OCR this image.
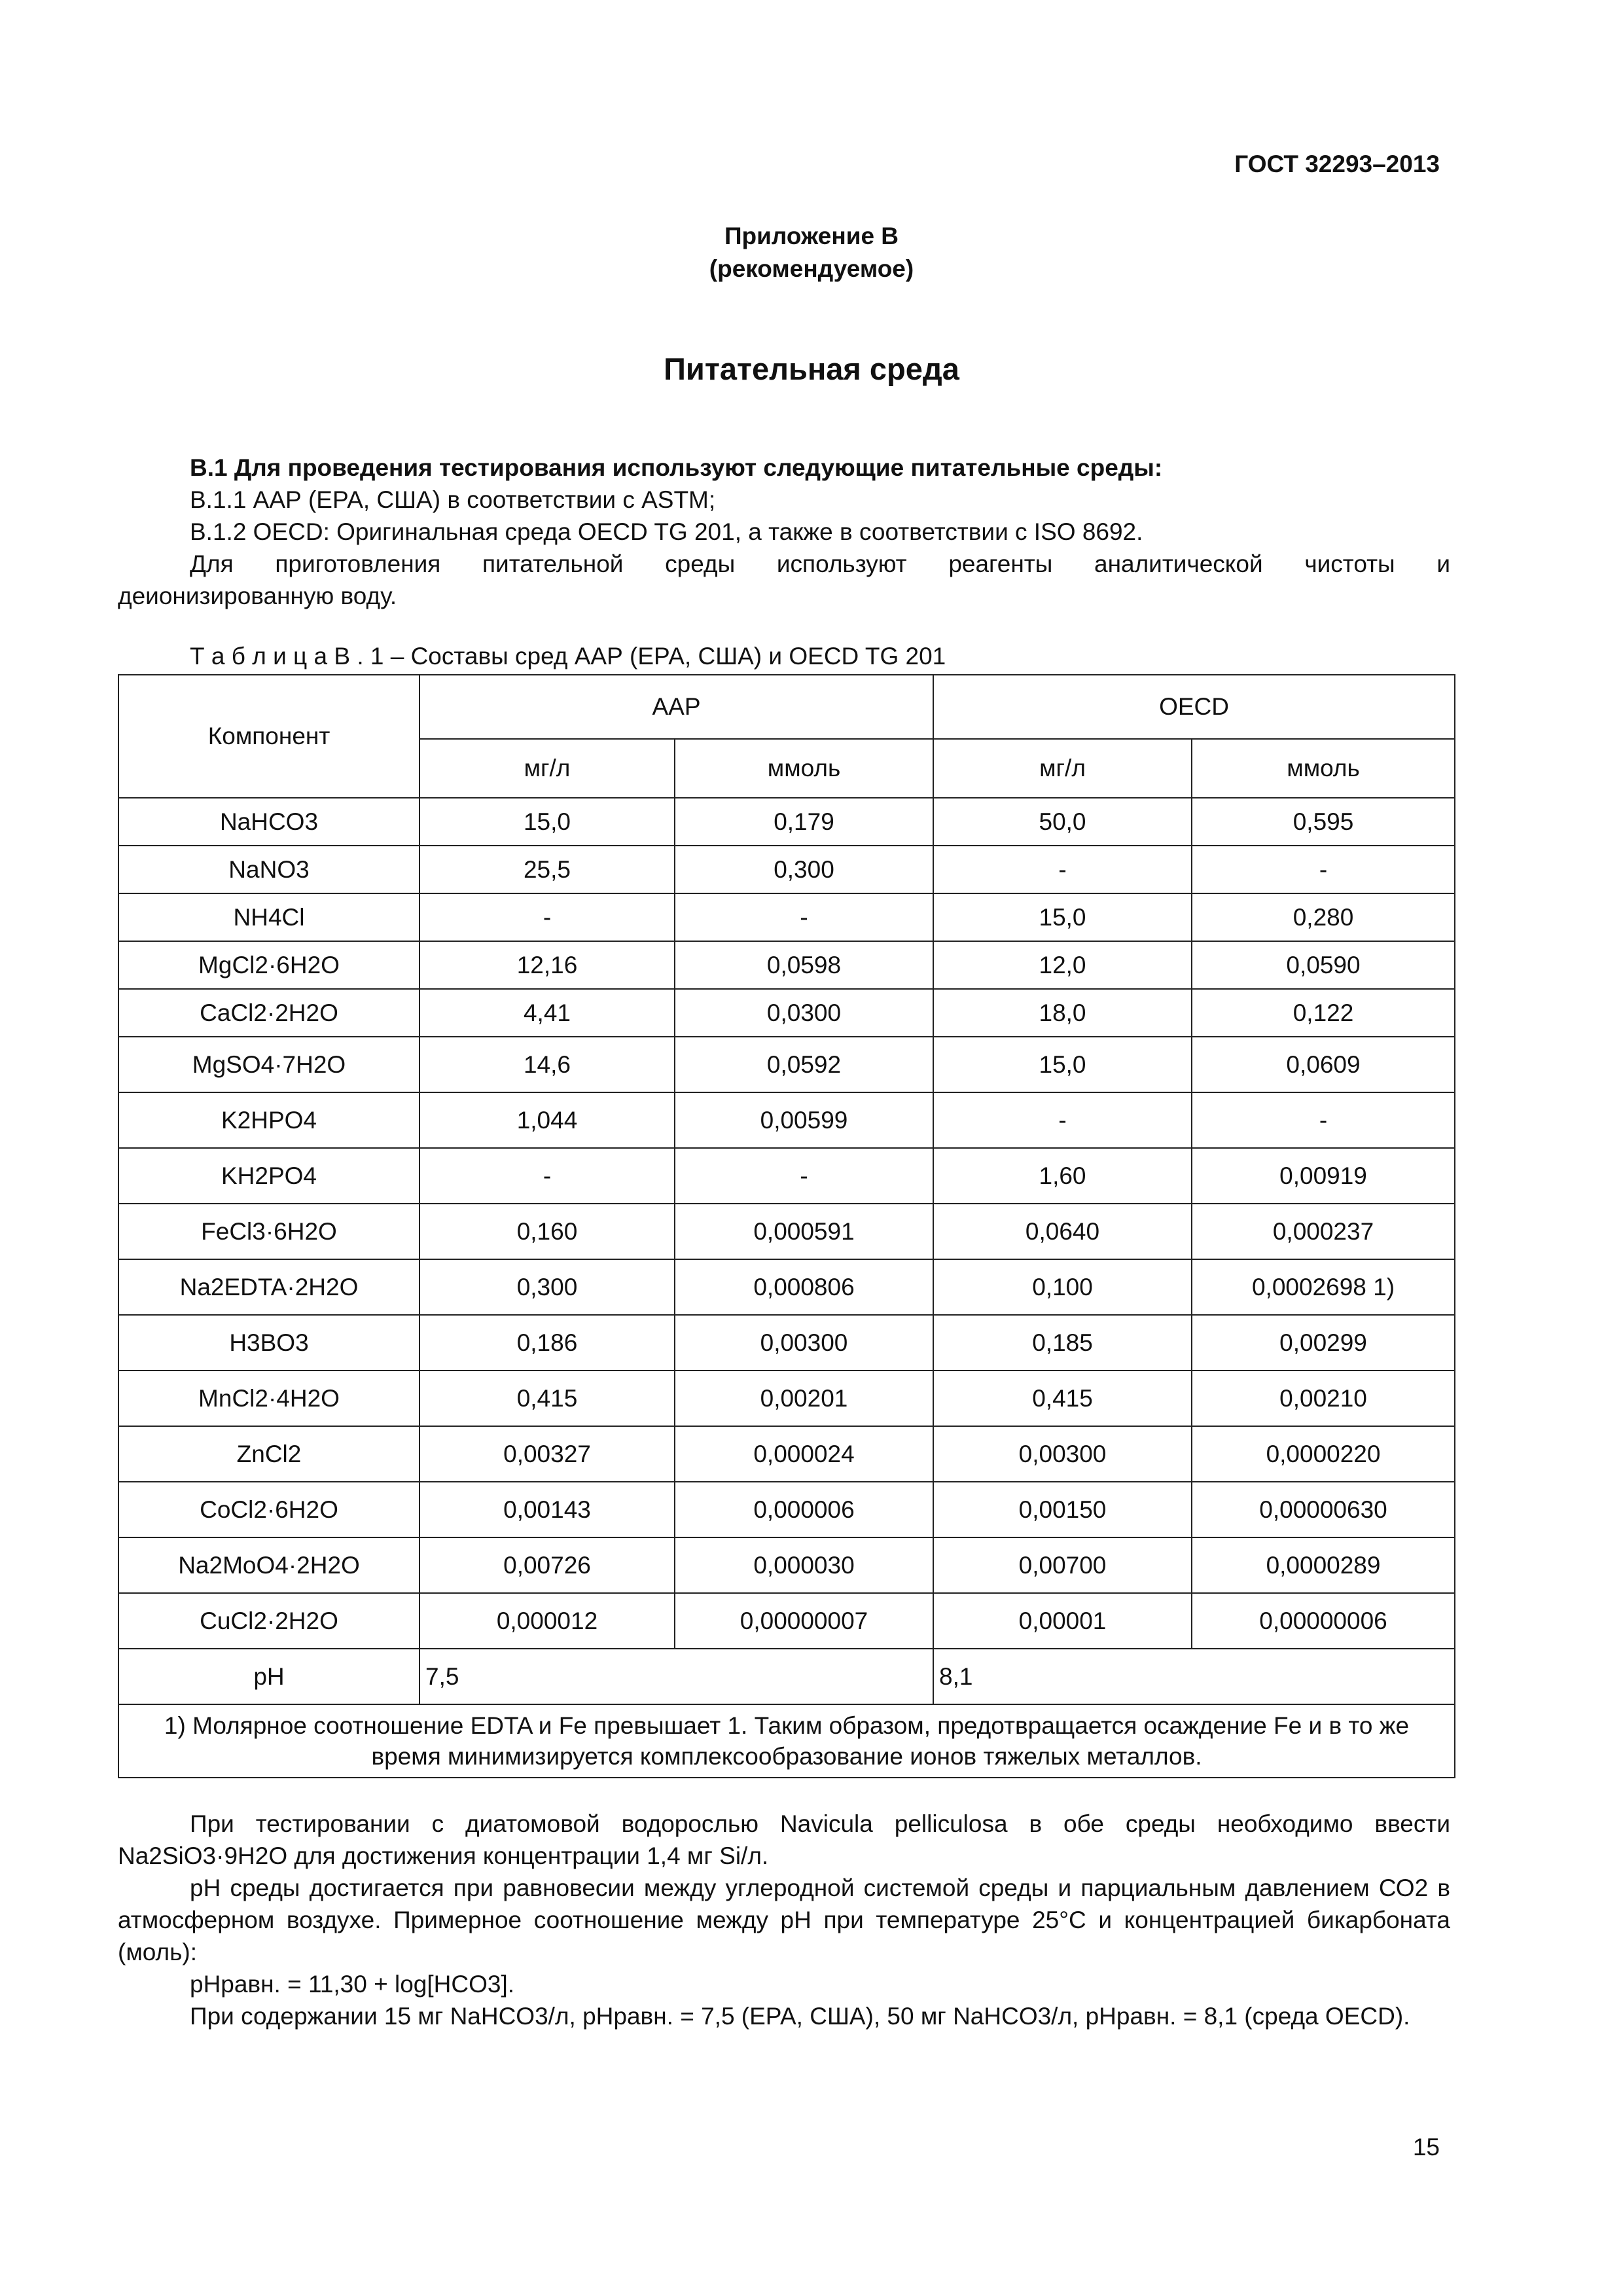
ГОСТ 32293–2013
Приложение В
(рекомендуемое)
Питательная среда
В.1 Для проведения тестирования используют следующие питательные среды:
В.1.1 ААР (ЕРА, США) в соответствии с ASTM;
В.1.2 OECD: Оригинальная среда OECD TG 201, а также в соответствии с ISO 8692.
Для приготовления питательной среды используют реагенты аналитической чистоты и
деионизированную воду.
Т а б л и ц а В . 1 – Составы сред ААР (ЕРА, США) и OECD TG 201
Компонент	ААР		OECD	
	мг/л	ммоль	мг/л	ммоль
NaHCO3	15,0	0,179	50,0	0,595
NaNO3	25,5	0,300	-	-
NH4Cl	-	-	15,0	0,280
MgCl2·6H2O	12,16	0,0598	12,0	0,0590
CaCl2·2H2O	4,41	0,0300	18,0	0,122
MgSO4·7H2O	14,6	0,0592	15,0	0,0609
K2HPO4	1,044	0,00599	-	-
KH2PO4	-	-	1,60	0,00919
FeCl3·6H2O	0,160	0,000591	0,0640	0,000237
Na2EDTA·2H2O	0,300	0,000806	0,100	0,0002698 1)
H3BO3	0,186	0,00300	0,185	0,00299
MnCl2·4H2O	0,415	0,00201	0,415	0,00210
ZnCl2	0,00327	0,000024	0,00300	0,0000220
CoCl2·6H2O	0,00143	0,000006	0,00150	0,00000630
Na2MoO4·2H2O	0,00726	0,000030	0,00700	0,0000289
CuCl2·2H2O	0,000012	0,00000007	0,00001	0,00000006
pH	7,5		8,1	
1) Молярное соотношение EDTA и Fe превышает 1. Таким образом, предотвращается осаждение Fe и в то же время минимизируется комплексообразование ионов тяжелых металлов.				
При тестировании с диатомовой водорослью Navicula pelliculosa в обе среды необходимо ввести Na2SiO3·9H2O для достижения концентрации 1,4 мг Si/л.
pH среды достигается при равновесии между углеродной системой среды и парциальным давлением СО2 в атмосферном воздухе. Примерное соотношение между pH при температуре 25°С и концентрацией бикарбоната (моль):
pHравн. = 11,30 + log[HCO3].
При содержании 15 мг NaHCO3/л, pHравн. = 7,5 (ЕРА, США), 50 мг NaHCO3/л, pHравн. = 8,1 (среда OECD).
15
